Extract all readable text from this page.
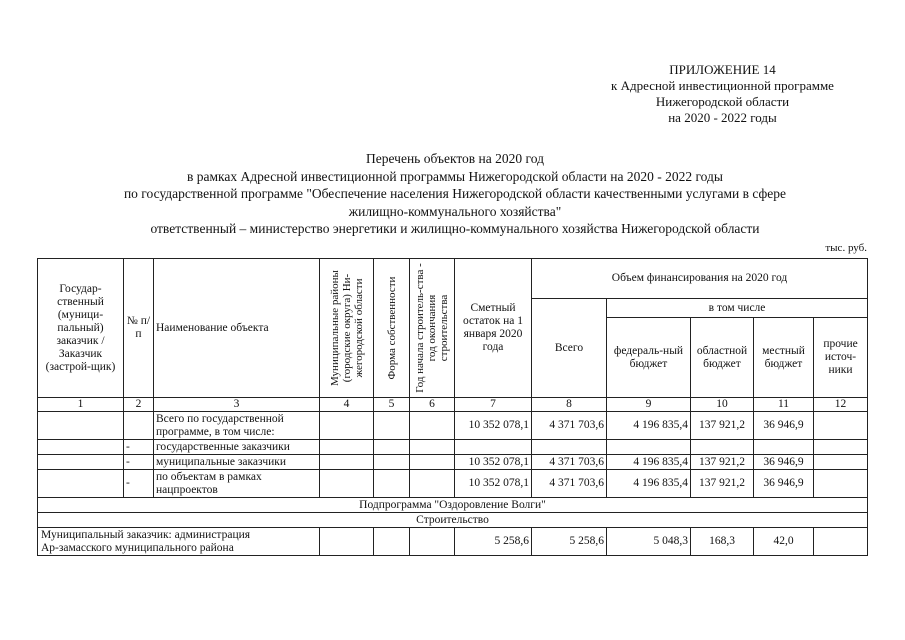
ПРИЛОЖЕНИЕ 14
к Адресной инвестиционной программе
Нижегородской области
на 2020 - 2022 годы
Перечень объектов на 2020 год
в рамках Адресной инвестиционной программы Нижегородской области на 2020 - 2022 годы
по государственной программе "Обеспечение населения Нижегородской области качественными услугами в сфере
жилищно-коммунального хозяйства"
ответственный – министерство энергетики и жилищно-коммунального хозяйства Нижегородской области
тыс. руб.
Государ-ственный (муници-пальный) заказчик / Заказчик (застрой-щик)	№ п/п	Наименование объекта	Муниципальные районы (городские округа) Ни-жегородской области	Форма собственности	Год начала строитель-ства - год окончания строительства	Сметный остаток на 1 января 2020 года	Объем финансирования на 2020 год				
							Всего	в том числе			
								федераль-ный бюджет	областной бюджет	местный бюджет	прочие источ-ники
1	2	3	4	5	6	7	8	9	10	11	12
		Всего по государственной программе, в том числе:				10 352 078,1	4 371 703,6	4 196 835,4	137 921,2	36 946,9	
	-	государственные заказчики									
	-	муниципальные заказчики				10 352 078,1	4 371 703,6	4 196 835,4	137 921,2	36 946,9	
	-	по объектам в рамках нацпроектов				10 352 078,1	4 371 703,6	4 196 835,4	137 921,2	36 946,9	
Подпрограмма "Оздоровление Волги"											
Строительство											
Муниципальный заказчик: администрация Ар-замасского муниципального района						5 258,6	5 258,6	5 048,3	168,3	42,0	
